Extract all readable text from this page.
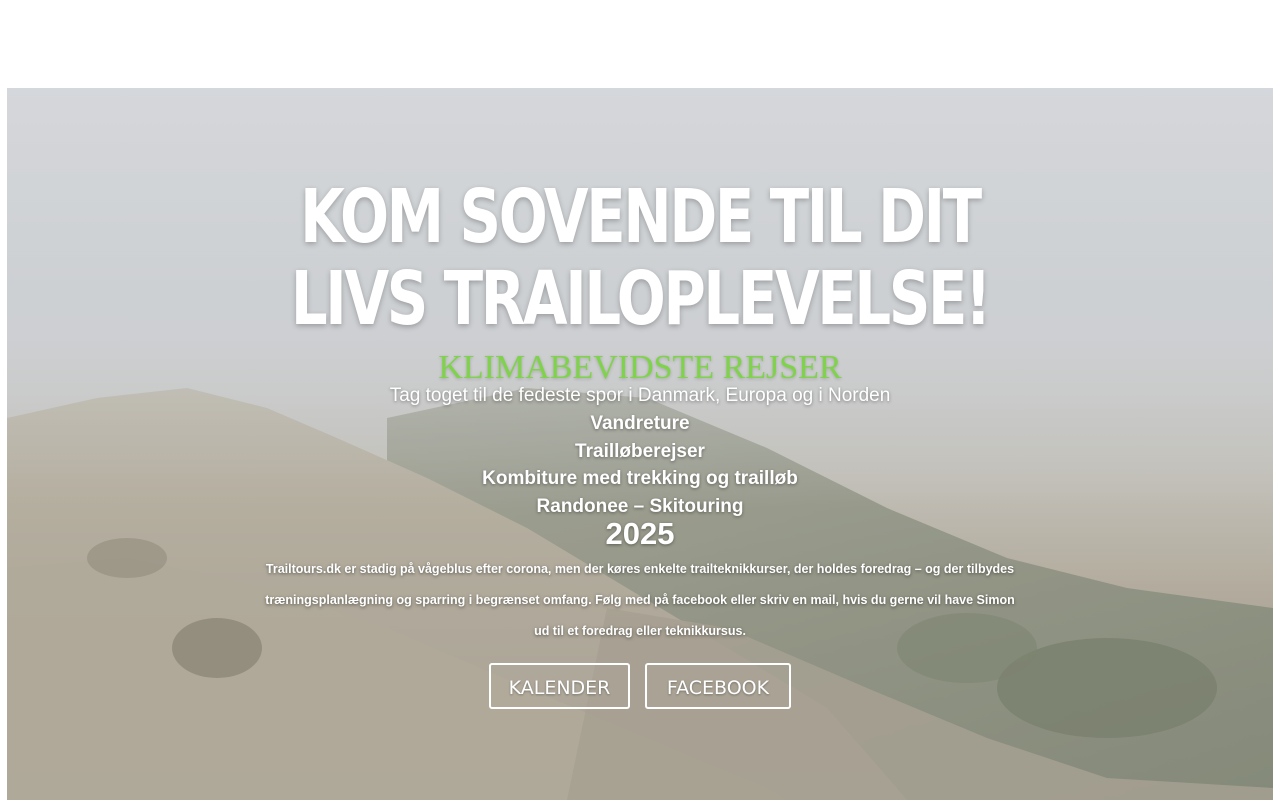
KOM SOVENDE TIL DIT
LIVS TRAILOPLEVELSE!
KLIMABEVIDSTE REJSER
Tag toget til de fedeste spor i Danmark, Europa og i Norden
Vandreture
Trailløberejser
Kombiture med trekking og trailløb
Randonee – Skitouring
2025
Trailtours.dk er stadig på vågeblus efter corona, men der køres enkelte trailteknikkurser, der holdes foredrag – og der tilbydes træningsplanlægning og sparring i begrænset omfang. Følg med på facebook eller skriv en mail, hvis du gerne vil have Simon ud til et foredrag eller teknikkursus.
KALENDER	FACEBOOK
